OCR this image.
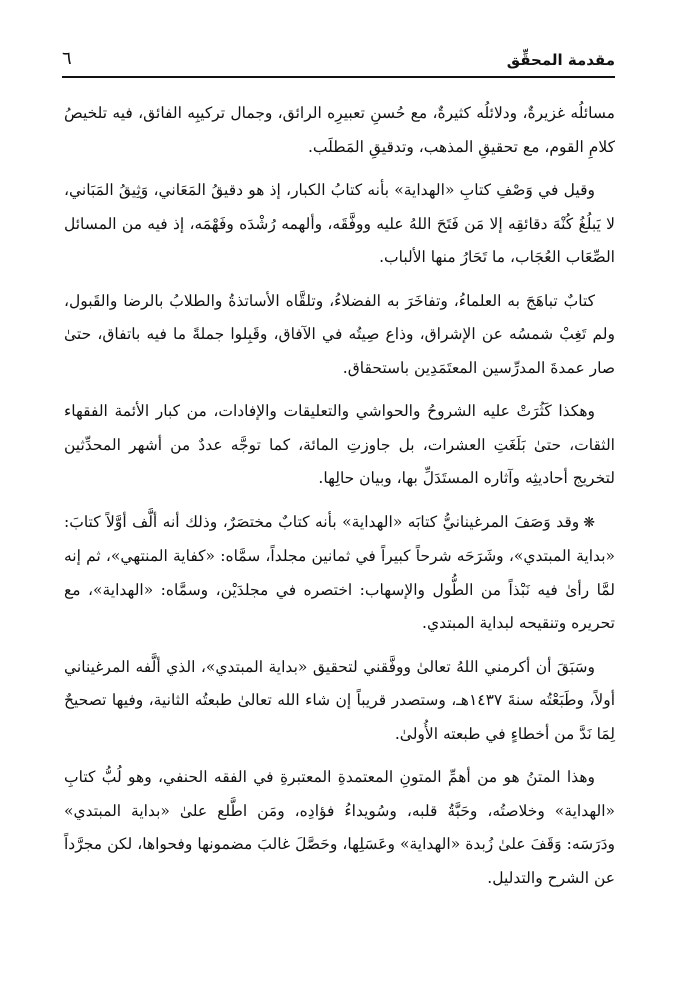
مقدمة المحقِّق
٦

مسائلُه غزيرةٌ، ودلائلُه كثيرةٌ، مع حُسنِ تعبيرِه الرائق، وجمال تركيبِه الفائق، فيه تلخيصُ كلامِ القوم، مع تحقيقِ المذهب، وتدقيقِ المَطلَب.

وقيل في وَصْفِ كتابِ «الهداية» بأنه كتابُ الكبار، إذ هو دقيقُ المَعَاني، وَثِيقُ المَبَاني، لا يَبلُغُ كُنْهَ دقائقِه إلا مَن فَتَحَ اللهُ عليه ووفَّقَه، وألهمه رُشْدَه وفَهْمَه، إذ فيه من المسائل الصِّعَاب العُجَاب، ما تَحَارُ منها الألباب.

كتابٌ تباهَجَ به العلماءُ، وتفاخَرَ به الفضلاءُ، وتلقَّاه الأساتذةُ والطلابُ بالرضا والقَبول، ولم تَغِبْ شمسُه عن الإشراق، وذاع صِيتُه في الآفاق، وقَبِلوا جملةً ما فيه باتفاق، حتىٰ صار عمدةَ المدرِّسين المعتَمَدِين باستحقاق.

وهكذا كَثُرَتْ عليه الشروحُ والحواشي والتعليقات والإفادات، من كبار الأئمة الفقهاء الثقات، حتىٰ بَلَغَتِ العشرات، بل جاوزتِ المائة، كما توجَّه عددٌ من أشهر المحدِّثين لتخريج أحاديثِه وآثاره المستَدَلِّ بها، وبيان حالِها.

❋وقد وَصَفَ المرغينانيُّ كتابَه «الهداية» بأنه كتابٌ مختصَرٌ، وذلك أنه ألَّف أوَّلاً كتابَ: «بداية المبتدي»، وشَرَحَه شرحاً كبيراً في ثمانين مجلداً، سمَّاه: «كفاية المنتهي»، ثم إنه لمَّا رأىٰ فيه نَبْذاً من الطُّول والإسهاب: اختصره في مجلدَيْن، وسمَّاه: «الهداية»، مع تحريره وتنقيحه لبداية المبتدي.

وسَبَقَ أن أكرمني اللهُ تعالىٰ ووفَّقني لتحقيق «بداية المبتدي»، الذي ألَّفه المرغيناني أولاً، وطَبَعْتُه سنةَ ١٤٣٧هـ، وستصدر قريباً إن شاء الله تعالىٰ طبعتُه الثانية، وفيها تصحيحٌ لِمَا نَدَّ من أخطاءٍ في طبعته الأُولىٰ.

وهذا المتنُ هو من أهمِّ المتونِ المعتمدةِ المعتبرةِ في الفقه الحنفي، وهو لُبُّ كتابِ «الهداية» وخلاصتُه، وحَبَّةُ قلبه، وسُويداءُ فؤادِه، ومَن اطَّلع علىٰ «بداية المبتدي» ودَرَسَه: وَقَفَ علىٰ زُبدة «الهداية» وعَسَلِها، وحَصَّلَ غالبَ مضمونها وفحواها، لكن مجرَّداً عن الشرح والتدليل.
